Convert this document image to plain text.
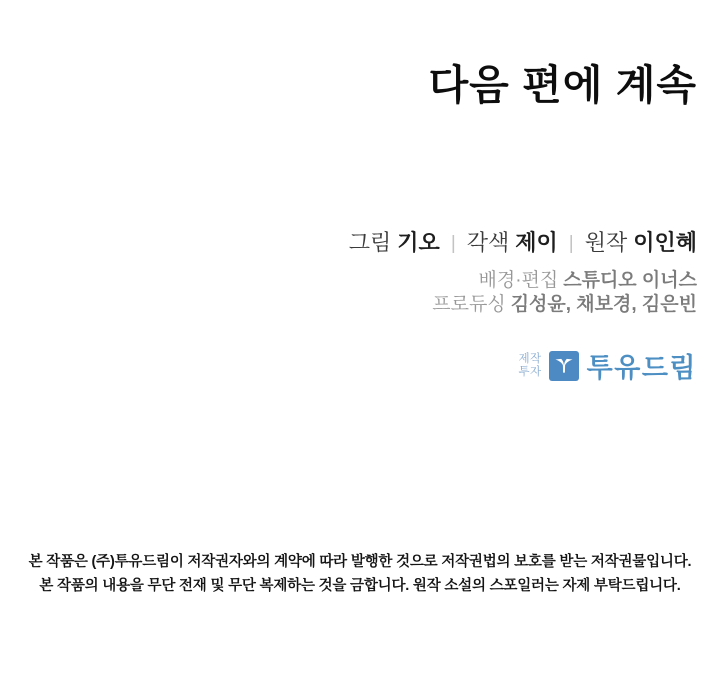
다음 편에 계속
그림 기오 | 각색 제이 | 원작 이인혜
배경·편집 스튜디오 이너스
프로듀싱 김성윤, 채보경, 김은빈
제작
투자 투유드림

본 작품은 (주)투유드림이 저작권자와의 계약에 따라 발행한 것으로 저작권법의 보호를 받는 저작권물입니다.

본 작품의 내용을 무단 전재 및 무단 복제하는 것을 금합니다. 원작 소설의 스포일러는 자제 부탁드립니다.
